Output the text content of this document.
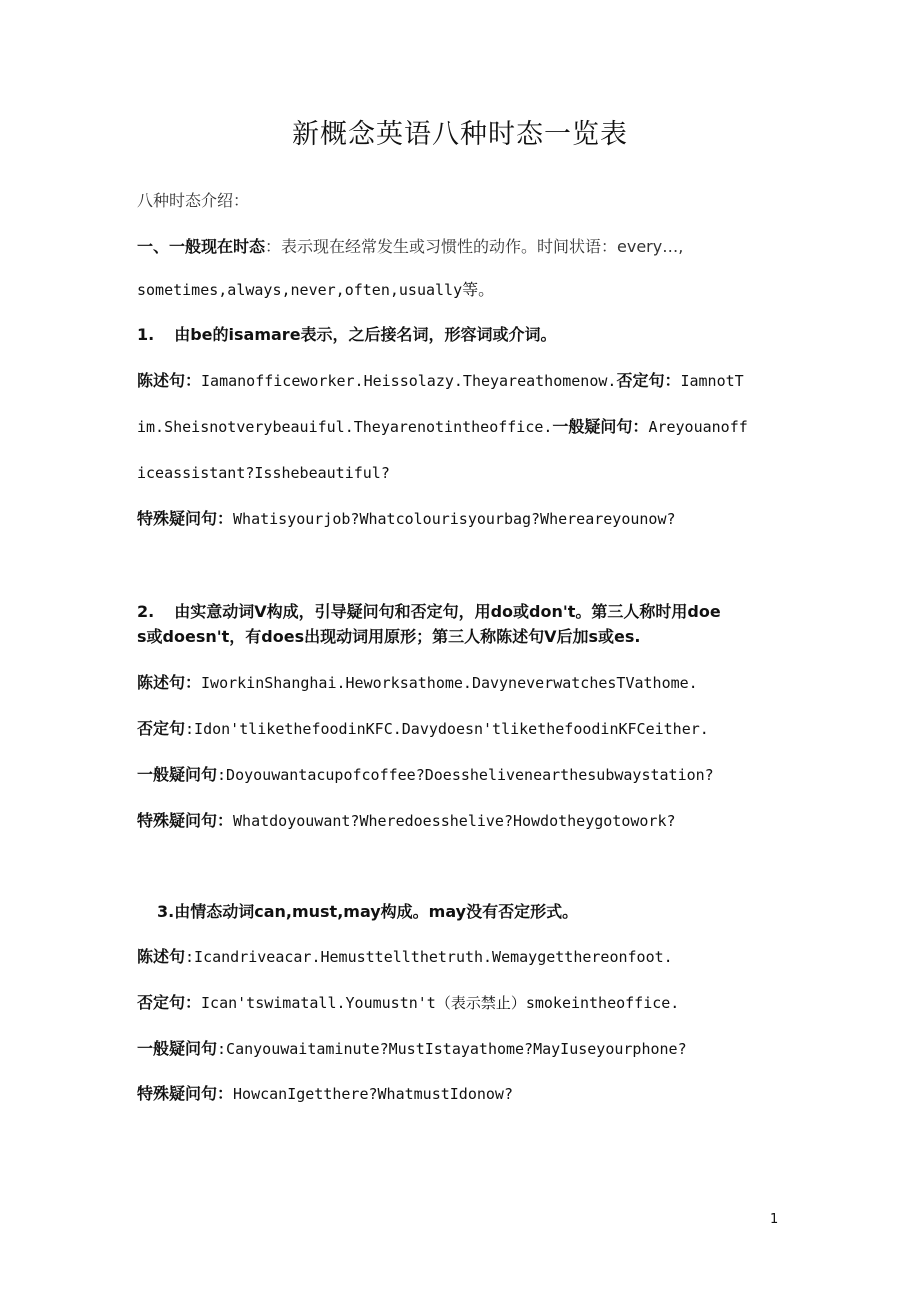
新概念英语八种时态一览表
八种时态介绍：
一、一般现在时态：表示现在经常发生或习惯性的动作。时间状语：every…,
sometimes,always,never,often,usually等。
1. 由be的isamare表示，之后接名词，形容词或介词。
陈述句：Iamanofficeworker.Heissolazy.Theyareathomenow.否定句：IamnotT
im.Sheisnotverybeauiful.Theyarenotintheoffice.一般疑问句：Areyouanoff
iceassistant?Isshebeautiful?
特殊疑问句：Whatisyourjob?Whatcolourisyourbag?Whereareyounow?
2. 由实意动词V构成，引导疑问句和否定句，用do或don't。第三人称时用doe
s或doesn't，有does出现动词用原形；第三人称陈述句V后加s或es.
陈述句：IworkinShanghai.Heworksathome.DavyneverwatchesTVathome.
否定句:Idon'tlikethefoodinKFC.Davydoesn'tlikethefoodinKFCeither.
一般疑问句:Doyouwantacupofcoffee?Doesshelivenearthesubwaystation?
特殊疑问句：Whatdoyouwant?Wheredoesshelive?Howdotheygotowork?
3.由情态动词can,must,may构成。may没有否定形式。
陈述句:Icandriveacar.Hemusttellthetruth.Wemaygetthereonfoot.
否定句：Ican'tswimatall.Youmustn't（表示禁止）smokeintheoffice.
一般疑问句:Canyouwaitaminute?MustIstayathome?MayIuseyourphone?
特殊疑问句：HowcanIgetthere?WhatmustIdonow?
1
